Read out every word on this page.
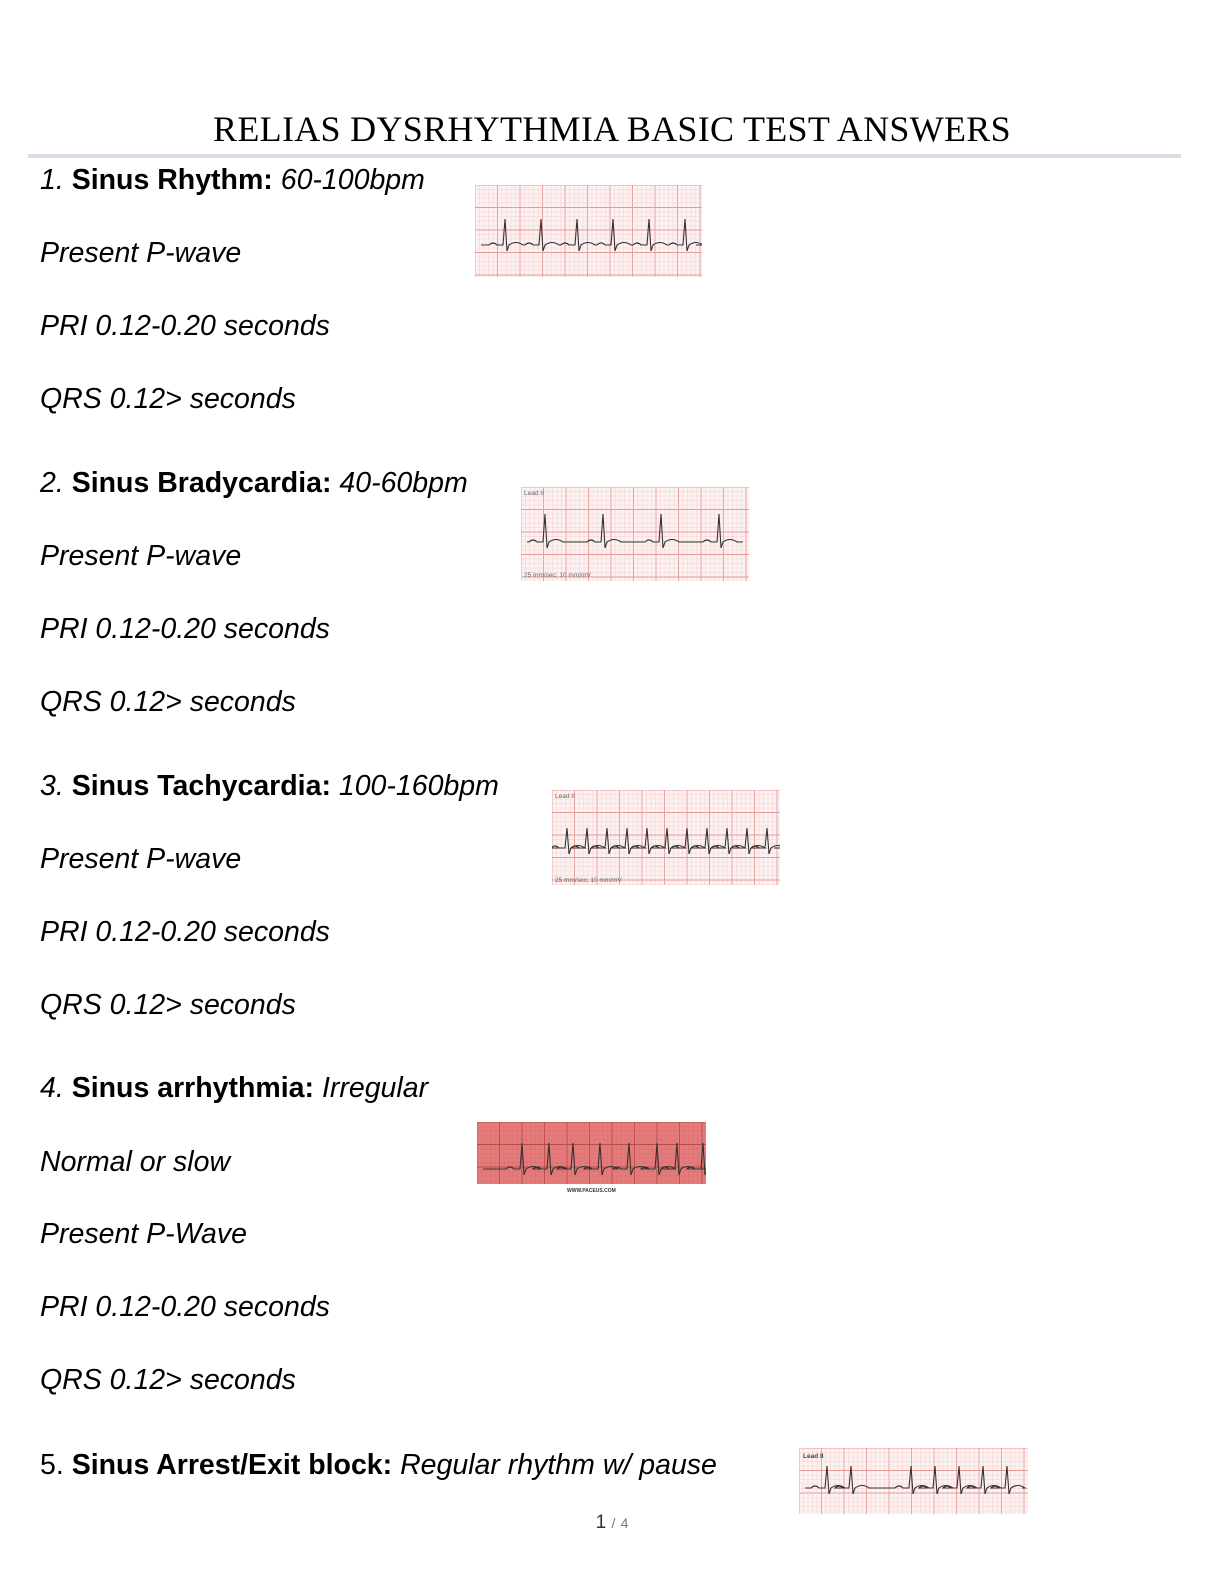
RELIAS DYSRHYTHMIA BASIC TEST ANSWERS
1. Sinus Rhythm: 60-100bpm
Present P-wave
PRI 0.12-0.20 seconds
QRS 0.12> seconds
2. Sinus Bradycardia: 40-60bpm
Present P-wave
PRI 0.12-0.20 seconds
QRS 0.12> seconds
Lead II
25 mm/sec; 10 mm/mV
3. Sinus Tachycardia: 100-160bpm
Present P-wave
PRI 0.12-0.20 seconds
QRS 0.12> seconds
Lead II
25 mm/sec; 10 mm/mV
4. Sinus arrhythmia: Irregular
Normal or slow
Present P-Wave
PRI 0.12-0.20 seconds
QRS 0.12> seconds
WWW.PACEUS.COM
5. Sinus Arrest/Exit block: Regular rhythm w/ pause	Lead II
1 / 4
